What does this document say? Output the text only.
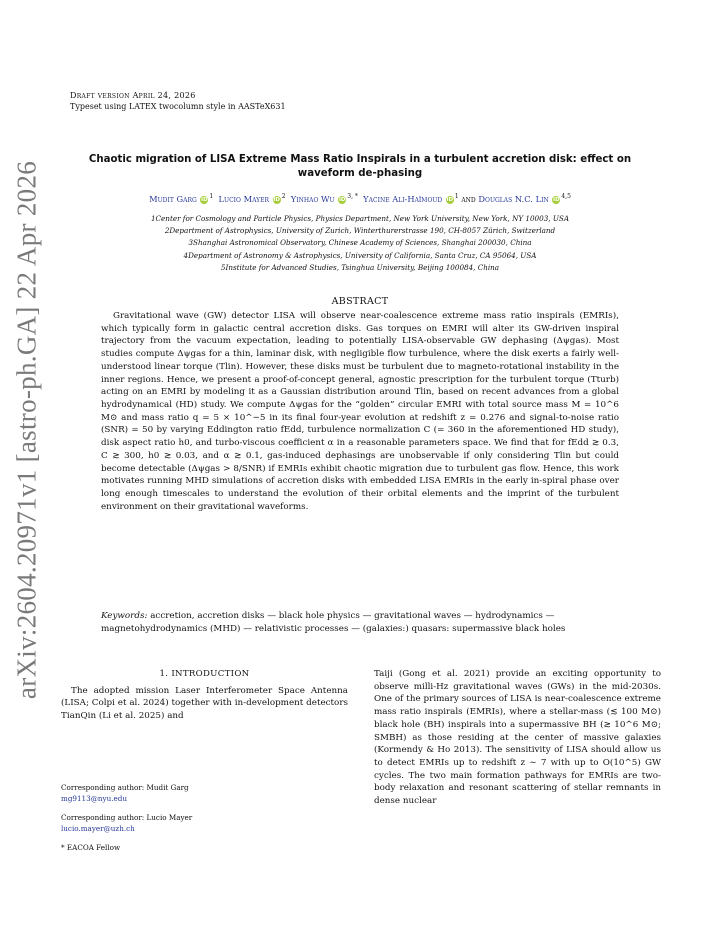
arXiv:2604.20971v1 [astro-ph.GA] 22 Apr 2026
Draft version April 24, 2026
Typeset using LATEX twocolumn style in AASTeX631
Chaotic migration of LISA Extreme Mass Ratio Inspirals in a turbulent accretion disk: effect on waveform de-phasing
Mudit Garg iD $^1$ Lucio Mayer iD $^2$ Yinhao Wu iD $^{3, *}$ Yacine Ali-Haïmoud iD $^1$ and Douglas N.C. Lin iD $^{4,5}$
1Center for Cosmology and Particle Physics, Physics Department, New York University, New York, NY 10003, USA
2Department of Astrophysics, University of Zurich, Winterthurerstrasse 190, CH-8057 Zürich, Switzerland
3Shanghai Astronomical Observatory, Chinese Academy of Sciences, Shanghai 200030, China
4Department of Astronomy & Astrophysics, University of California, Santa Cruz, CA 95064, USA
5Institute for Advanced Studies, Tsinghua University, Beijing 100084, China
ABSTRACT
Gravitational wave (GW) detector LISA will observe near-coalescence extreme mass ratio inspirals (EMRIs), which typically form in galactic central accretion disks. Gas torques on EMRI will alter its GW-driven inspiral trajectory from the vacuum expectation, leading to potentially LISA-observable GW dephasing (Δψgas). Most studies compute Δψgas for a thin, laminar disk, with negligible flow turbulence, where the disk exerts a fairly well-understood linear torque (Tlin). However, these disks must be turbulent due to magneto-rotational instability in the inner regions. Hence, we present a proof-of-concept general, agnostic prescription for the turbulent torque (Tturb) acting on an EMRI by modeling it as a Gaussian distribution around Tlin, based on recent advances from a global hydrodynamical (HD) study. We compute Δψgas for the “golden” circular EMRI with total source mass M = 10^6 M⊙ and mass ratio q = 5 × 10^−5 in its final four-year evolution at redshift z = 0.276 and signal-to-noise ratio (SNR) = 50 by varying Eddington ratio fEdd, turbulence normalization C (= 360 in the aforementioned HD study), disk aspect ratio h0, and turbo-viscous coefficient α in a reasonable parameters space. We find that for fEdd ≳ 0.3, C ≳ 300, h0 ≳ 0.03, and α ≳ 0.1, gas-induced dephasings are unobservable if only considering Tlin but could become detectable (Δψgas > 8/SNR) if EMRIs exhibit chaotic migration due to turbulent gas flow. Hence, this work motivates running MHD simulations of accretion disks with embedded LISA EMRIs in the early in-spiral phase over long enough timescales to understand the evolution of their orbital elements and the imprint of the turbulent environment on their gravitational waveforms.
Keywords: accretion, accretion disks — black hole physics — gravitational waves — hydrodynamics — magnetohydrodynamics (MHD) — relativistic processes — (galaxies:) quasars: supermassive black holes
1. INTRODUCTION
The adopted mission Laser Interferometer Space Antenna (LISA; Colpi et al. 2024) together with in-development detectors TianQin (Li et al. 2025) and

Corresponding author: Mudit Garg
mg9113@nyu.edu

Corresponding author: Lucio Mayer
lucio.mayer@uzh.ch

* EACOA Fellow

Taiji (Gong et al. 2021) provide an exciting opportunity to observe milli-Hz gravitational waves (GWs) in the mid-2030s. One of the primary sources of LISA is near-coalescence extreme mass ratio inspirals (EMRIs), where a stellar-mass (≲ 100 M⊙) black hole (BH) inspirals into a supermassive BH (≳ 10^6 M⊙; SMBH) as those residing at the center of massive galaxies (Kormendy & Ho 2013). The sensitivity of LISA should allow us to detect EMRIs up to redshift z ∼ 7 with up to O(10^5) GW cycles. The two main formation pathways for EMRIs are two-body relaxation and resonant scattering of stellar remnants in dense nuclear
